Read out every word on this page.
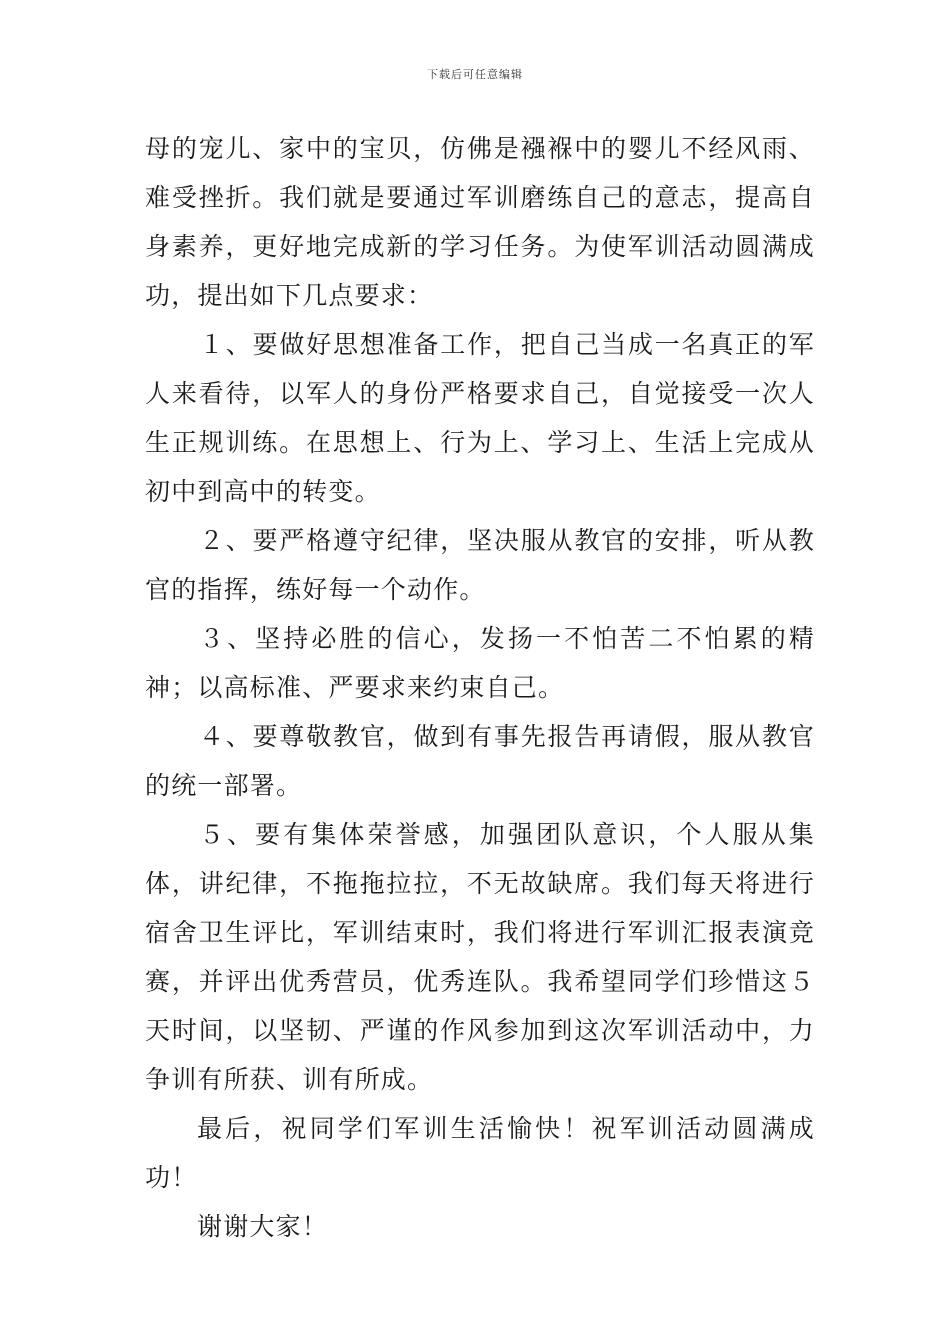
下载后可任意编辑

母的宠儿、家中的宝贝，仿佛是襁褓中的婴儿不经风雨、难受挫折。我们就是要通过军训磨练自己的意志，提高自身素养，更好地完成新的学习任务。为使军训活动圆满成功，提出如下几点要求：

１、要做好思想准备工作，把自己当成一名真正的军人来看待，以军人的身份严格要求自己，自觉接受一次人生正规训练。在思想上、行为上、学习上、生活上完成从初中到高中的转变。

２、要严格遵守纪律，坚决服从教官的安排，听从教官的指挥，练好每一个动作。

３、坚持必胜的信心，发扬一不怕苦二不怕累的精神；以高标准、严要求来约束自己。

４、要尊敬教官，做到有事先报告再请假，服从教官的统一部署。

５、要有集体荣誉感，加强团队意识，个人服从集体，讲纪律，不拖拖拉拉，不无故缺席。我们每天将进行宿舍卫生评比，军训结束时，我们将进行军训汇报表演竞赛，并评出优秀营员，优秀连队。我希望同学们珍惜这５天时间，以坚韧、严谨的作风参加到这次军训活动中，力争训有所获、训有所成。

最后，祝同学们军训生活愉快！祝军训活动圆满成功！

谢谢大家！
